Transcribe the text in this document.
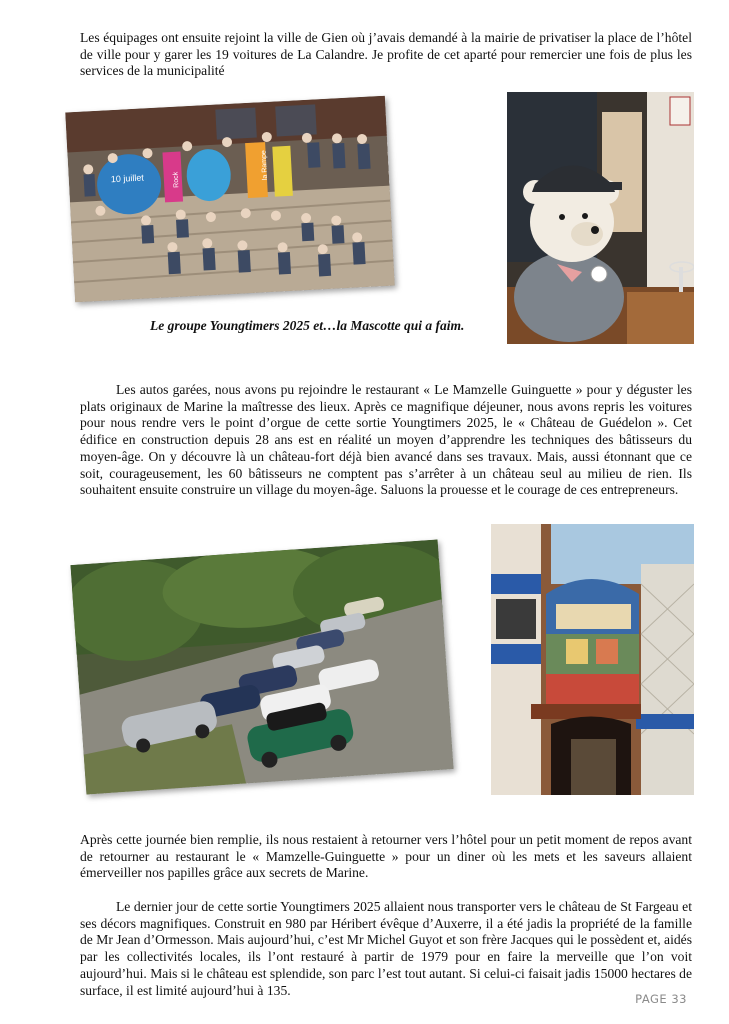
Les équipages ont ensuite rejoint la ville de Gien où j’avais demandé à la mairie de privatiser la place de l’hôtel de ville pour y garer les 19 voitures de La Calandre. Je profite de cet aparté pour remercier une fois de plus les services de la municipalité

10 juillet	Rock	la Rampe

Le groupe Youngtimers 2025 et…la Mascotte qui a faim.

Les autos garées, nous avons pu rejoindre le restaurant « Le Mamzelle Guinguette » pour y déguster les plats originaux de Marine la maîtresse des lieux. Après ce magnifique déjeuner, nous avons repris les voitures pour nous rendre vers le point d’orgue de cette sortie Youngtimers 2025, le « Château de Guédelon ». Cet édifice en construction depuis 28 ans est en réalité un moyen d’apprendre les techniques des bâtisseurs du moyen-âge. On y découvre là un château-fort déjà bien avancé dans ses travaux. Mais, aussi étonnant que ce soit, courageusement, les 60 bâtisseurs ne comptent pas s’arrêter à un château seul au milieu de rien. Ils souhaitent ensuite construire un village du moyen-âge. Saluons la prouesse et le courage de ces entrepreneurs.

Après cette journée bien remplie, ils nous restaient à retourner vers l’hôtel pour un petit moment de repos avant de retourner au restaurant le « Mamzelle-Guinguette » pour un diner où les mets et les saveurs allaient émerveiller nos papilles grâce aux secrets de Marine.

Le dernier jour de cette sortie Youngtimers 2025 allaient nous transporter vers le château de St Fargeau et ses décors magnifiques. Construit en 980 par Héribert évêque d’Auxerre, il a été jadis la propriété de la famille de Mr Jean d’Ormesson. Mais aujourd’hui, c’est Mr Michel Guyot et son frère Jacques qui le possèdent et, aidés par les collectivités locales, ils l’ont restauré à partir de 1979 pour en faire la merveille que l’on voit aujourd’hui. Mais si le château est splendide, son parc l’est tout autant. Si celui-ci faisait jadis 15000 hectares de surface, il est limité aujourd’hui à 135.

PAGE 33
